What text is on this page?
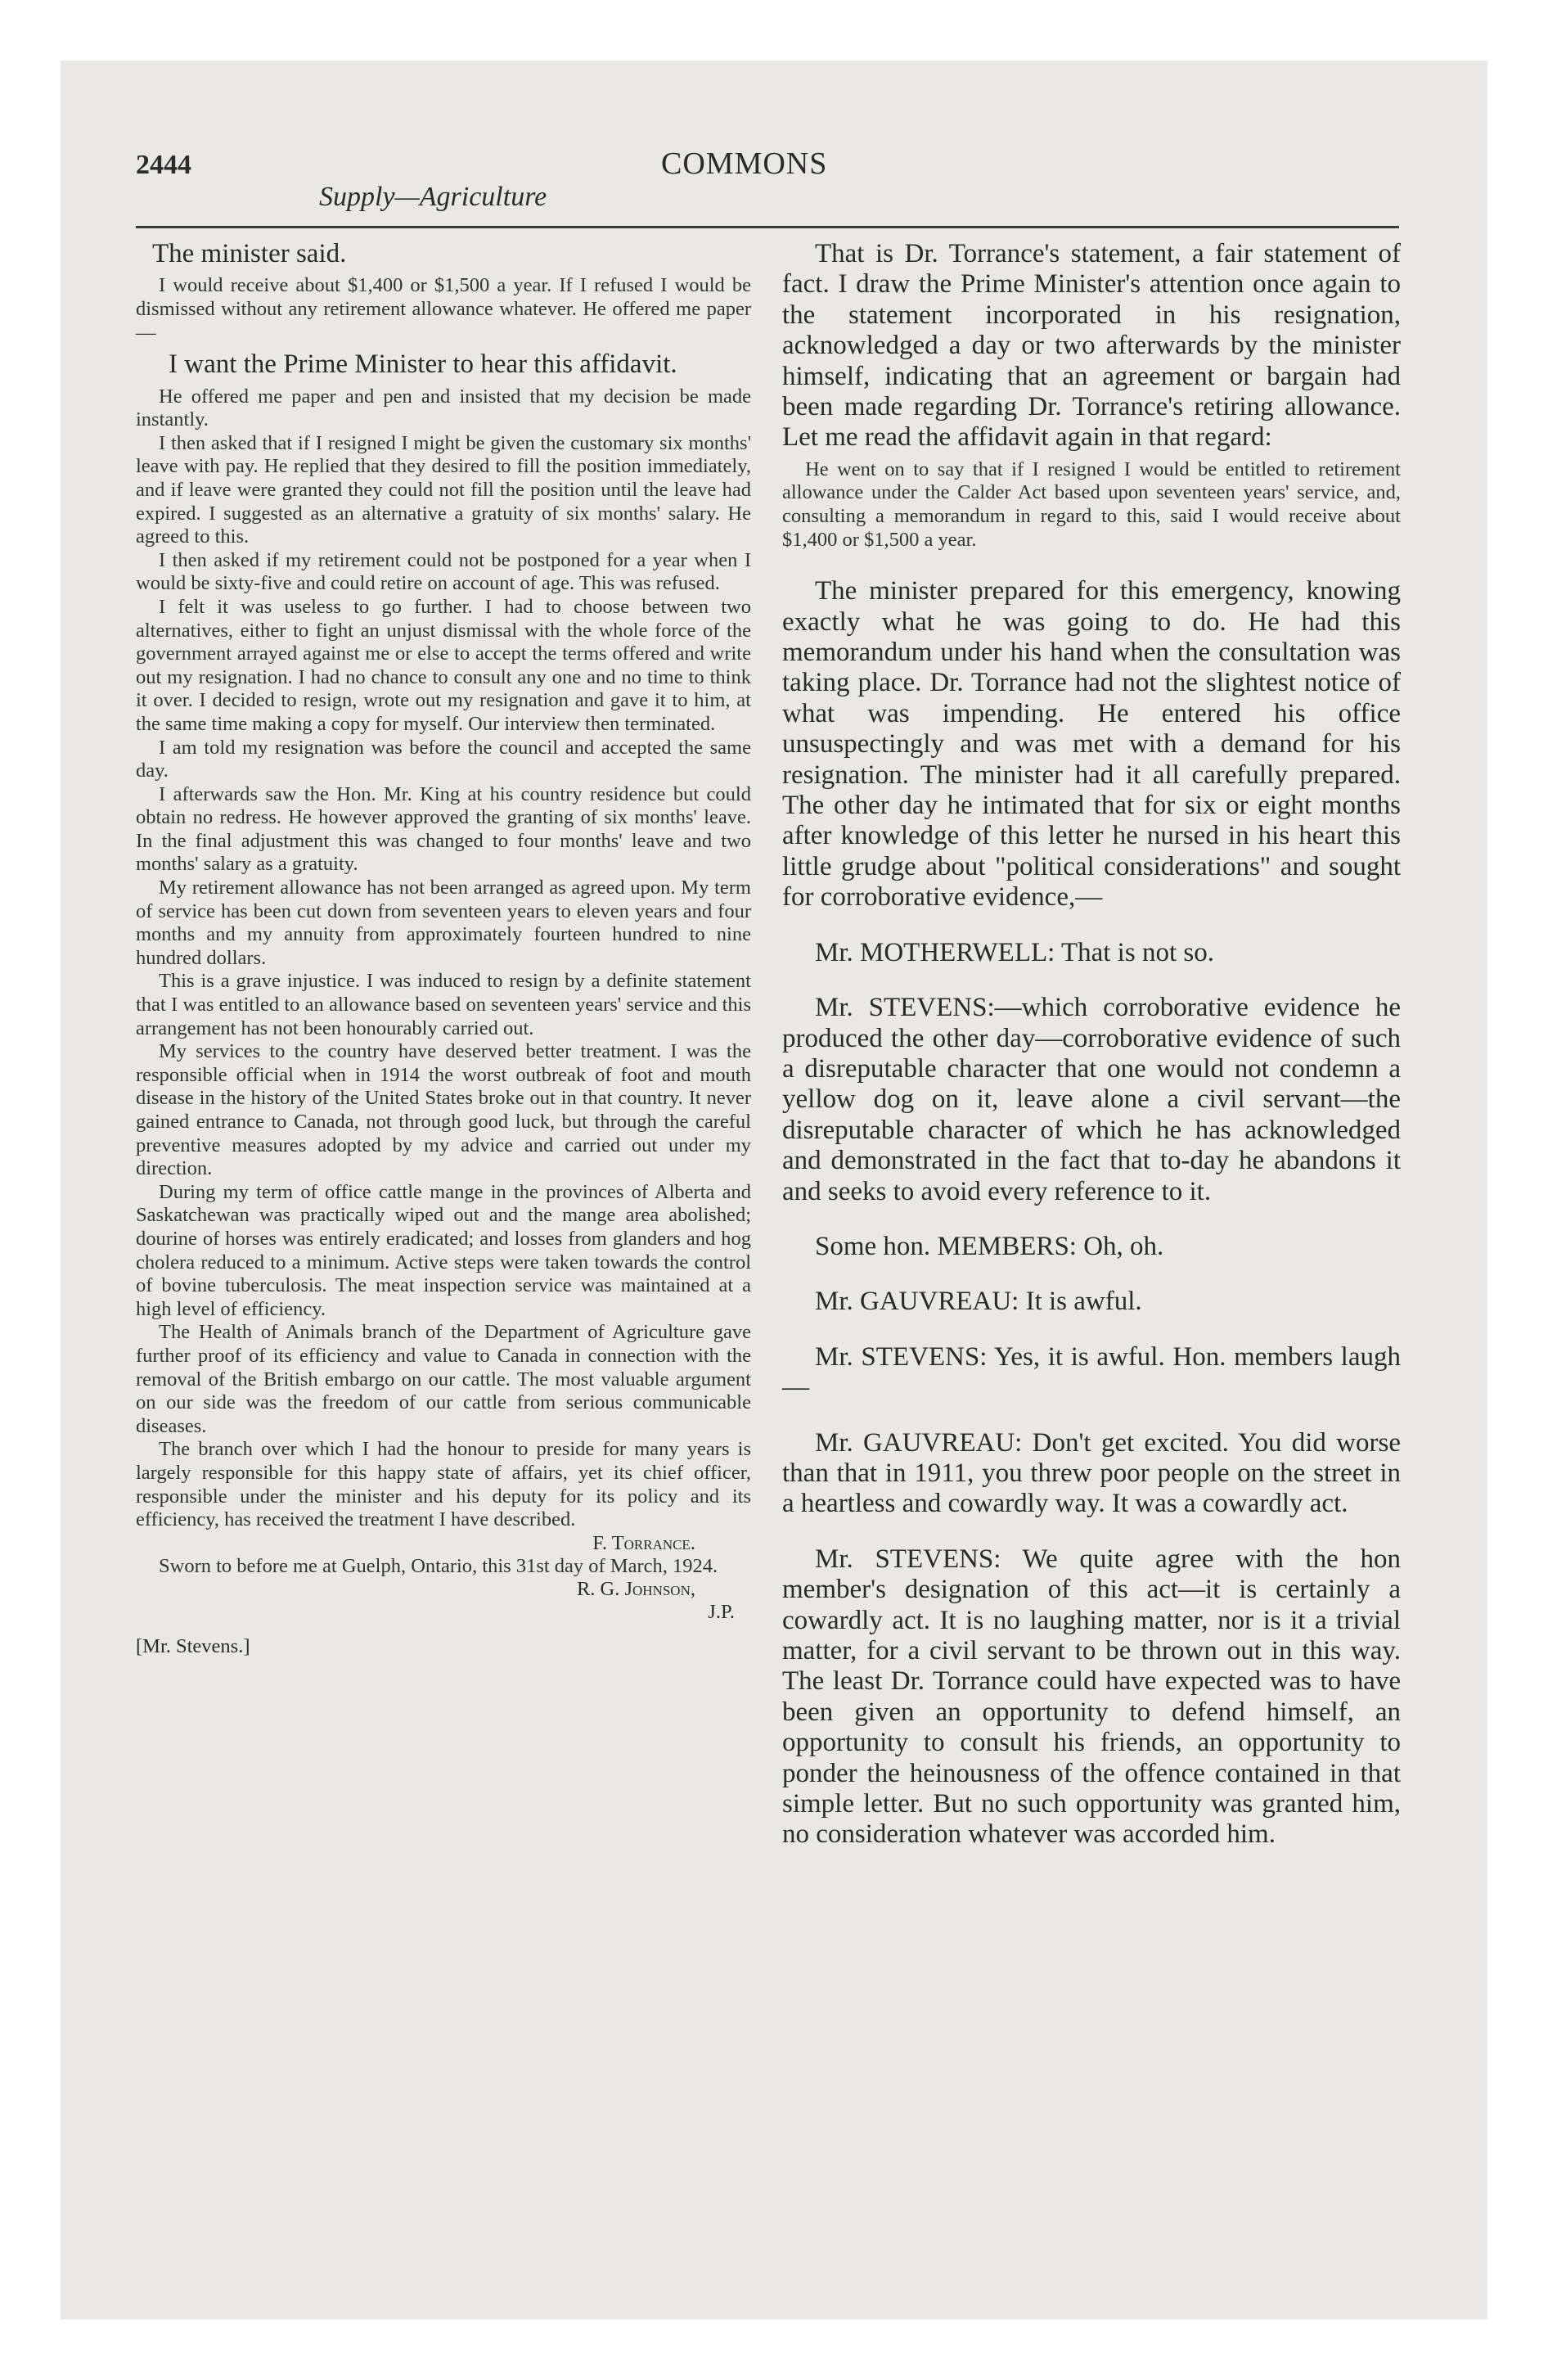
2444	COMMONS
Supply—Agriculture

The minister said.

I would receive about $1,400 or $1,500 a year. If I refused I would be dismissed without any retirement allowance whatever. He offered me paper—

I want the Prime Minister to hear this affidavit.

He offered me paper and pen and insisted that my decision be made instantly.

I then asked that if I resigned I might be given the customary six months' leave with pay. He replied that they desired to fill the position immediately, and if leave were granted they could not fill the position until the leave had expired. I suggested as an alternative a gratuity of six months' salary. He agreed to this.

I then asked if my retirement could not be postponed for a year when I would be sixty-five and could retire on account of age. This was refused.

I felt it was useless to go further. I had to choose between two alternatives, either to fight an unjust dismissal with the whole force of the government arrayed against me or else to accept the terms offered and write out my resignation. I had no chance to consult any one and no time to think it over. I decided to resign, wrote out my resignation and gave it to him, at the same time making a copy for myself. Our interview then terminated.

I am told my resignation was before the council and accepted the same day.

I afterwards saw the Hon. Mr. King at his country residence but could obtain no redress. He however approved the granting of six months' leave. In the final adjustment this was changed to four months' leave and two months' salary as a gratuity.

My retirement allowance has not been arranged as agreed upon. My term of service has been cut down from seventeen years to eleven years and four months and my annuity from approximately fourteen hundred to nine hundred dollars.

This is a grave injustice. I was induced to resign by a definite statement that I was entitled to an allowance based on seventeen years' service and this arrangement has not been honourably carried out.

My services to the country have deserved better treatment. I was the responsible official when in 1914 the worst outbreak of foot and mouth disease in the history of the United States broke out in that country. It never gained entrance to Canada, not through good luck, but through the careful preventive measures adopted by my advice and carried out under my direction.

During my term of office cattle mange in the provinces of Alberta and Saskatchewan was practically wiped out and the mange area abolished; dourine of horses was entirely eradicated; and losses from glanders and hog cholera reduced to a minimum. Active steps were taken towards the control of bovine tuberculosis. The meat inspection service was maintained at a high level of efficiency.

The Health of Animals branch of the Department of Agriculture gave further proof of its efficiency and value to Canada in connection with the removal of the British embargo on our cattle. The most valuable argument on our side was the freedom of our cattle from serious communicable diseases.

The branch over which I had the honour to preside for many years is largely responsible for this happy state of affairs, yet its chief officer, responsible under the minister and his deputy for its policy and its efficiency, has received the treatment I have described.

F. Torrance.

Sworn to before me at Guelph, Ontario, this 31st day of March, 1924.

R. G. Johnson,

J.P.

[Mr. Stevens.]

That is Dr. Torrance's statement, a fair statement of fact. I draw the Prime Minister's attention once again to the statement incorporated in his resignation, acknowledged a day or two afterwards by the minister himself, indicating that an agreement or bargain had been made regarding Dr. Torrance's retiring allowance. Let me read the affidavit again in that regard:

He went on to say that if I resigned I would be entitled to retirement allowance under the Calder Act based upon seventeen years' service, and, consulting a memorandum in regard to this, said I would receive about $1,400 or $1,500 a year.

The minister prepared for this emergency, knowing exactly what he was going to do. He had this memorandum under his hand when the consultation was taking place. Dr. Torrance had not the slightest notice of what was impending. He entered his office unsuspectingly and was met with a demand for his resignation. The minister had it all carefully prepared. The other day he intimated that for six or eight months after knowledge of this letter he nursed in his heart this little grudge about "political considerations" and sought for corroborative evidence,—

Mr. MOTHERWELL: That is not so.

Mr. STEVENS:—which corroborative evidence he produced the other day—corroborative evidence of such a disreputable character that one would not condemn a yellow dog on it, leave alone a civil servant—the disreputable character of which he has acknowledged and demonstrated in the fact that to-day he abandons it and seeks to avoid every reference to it.

Some hon. MEMBERS: Oh, oh.

Mr. GAUVREAU: It is awful.

Mr. STEVENS: Yes, it is awful. Hon. members laugh—

Mr. GAUVREAU: Don't get excited. You did worse than that in 1911, you threw poor people on the street in a heartless and cowardly way. It was a cowardly act.

Mr. STEVENS: We quite agree with the hon member's designation of this act—it is certainly a cowardly act. It is no laughing matter, nor is it a trivial matter, for a civil servant to be thrown out in this way. The least Dr. Torrance could have expected was to have been given an opportunity to defend himself, an opportunity to consult his friends, an opportunity to ponder the heinousness of the offence contained in that simple letter. But no such opportunity was granted him, no consideration whatever was accorded him.
